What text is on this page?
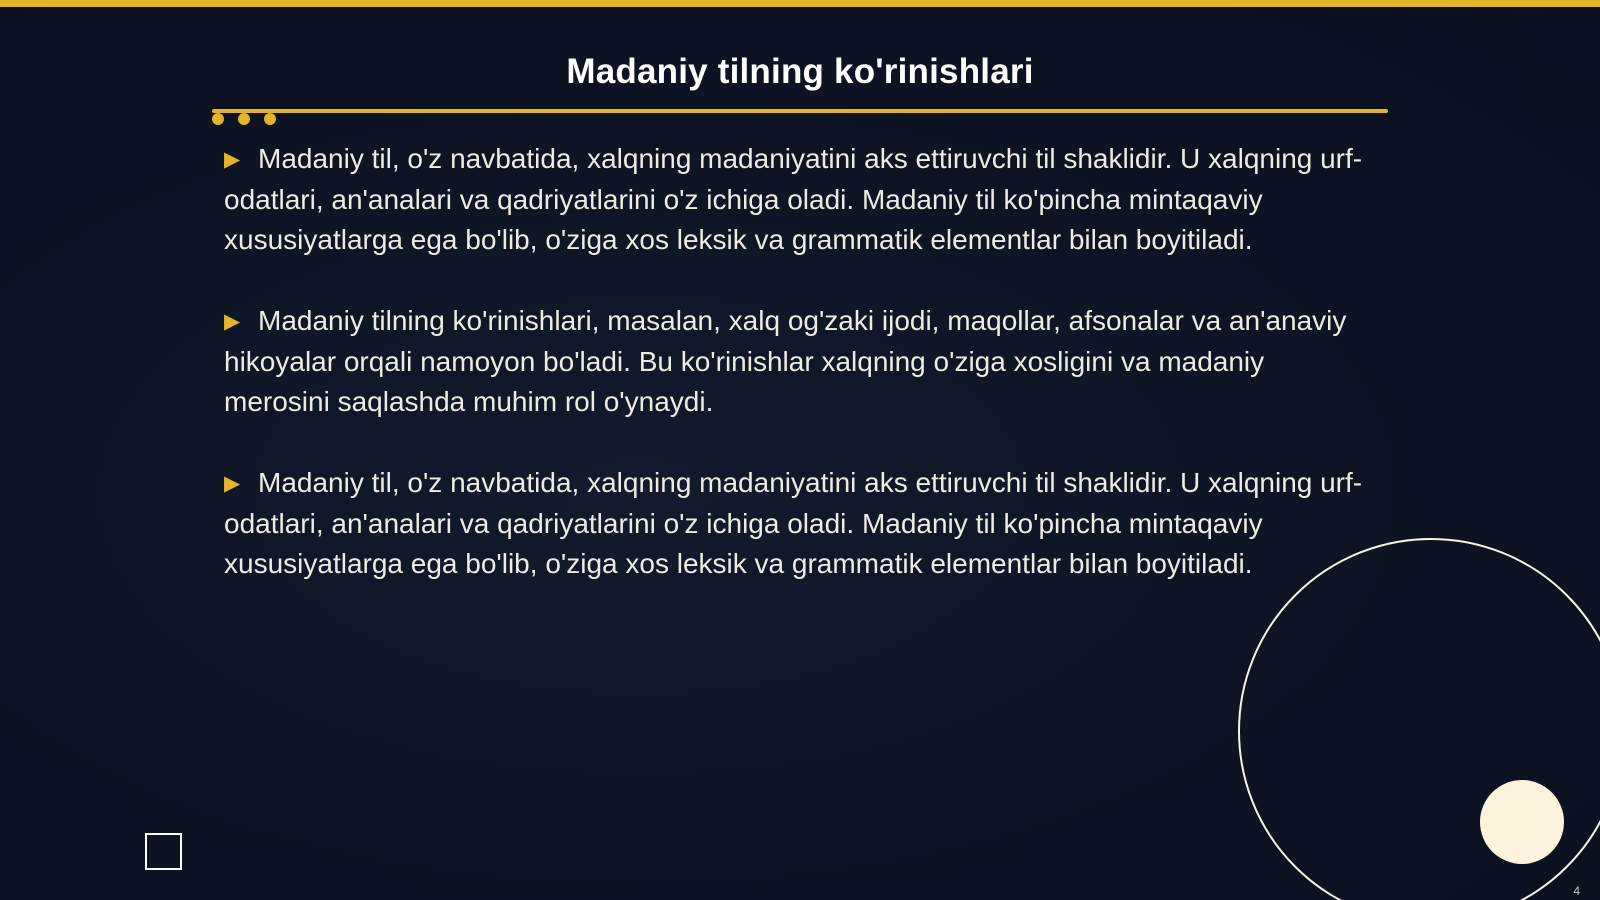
Madaniy tilning ko'rinishlari

▶ Madaniy til, o'z navbatida, xalqning madaniyatini aks ettiruvchi til shaklidir. U xalqning urf-odatlari, an'analari va qadriyatlarini o'z ichiga oladi. Madaniy til ko'pincha mintaqaviy xususiyatlarga ega bo'lib, o'ziga xos leksik va grammatik elementlar bilan boyitiladi.

▶ Madaniy tilning ko'rinishlari, masalan, xalq og'zaki ijodi, maqollar, afsonalar va an'anaviy hikoyalar orqali namoyon bo'ladi. Bu ko'rinishlar xalqning o'ziga xosligini va madaniy merosini saqlashda muhim rol o'ynaydi.

▶ Madaniy til, o'z navbatida, xalqning madaniyatini aks ettiruvchi til shaklidir. U xalqning urf-odatlari, an'analari va qadriyatlarini o'z ichiga oladi. Madaniy til ko'pincha mintaqaviy xususiyatlarga ega bo'lib, o'ziga xos leksik va grammatik elementlar bilan boyitiladi.

4
